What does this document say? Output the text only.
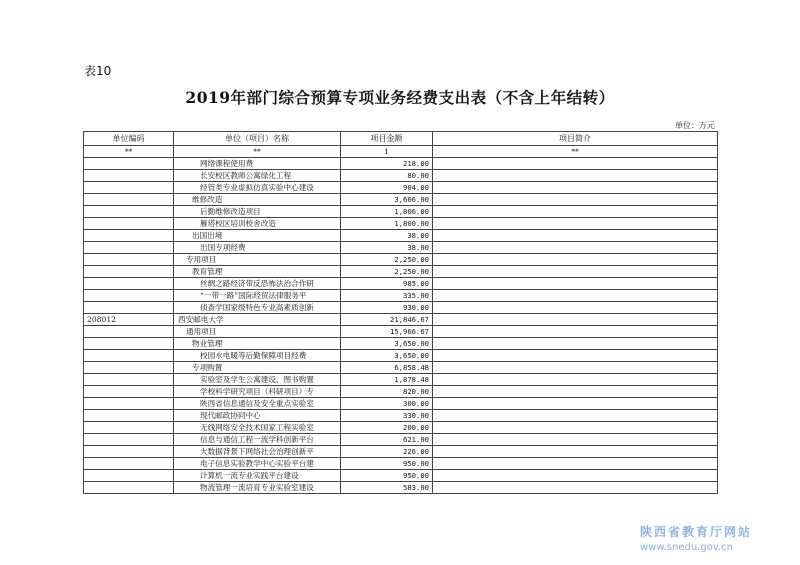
表10
2019年部门综合预算专项业务经费支出表（不含上年结转）
单位：万元
单位编码	单位（项目）名称	项目金额	项目简介
**	**	1	**
	网络课程使用费	218.00	
	长安校区教师公寓绿化工程	80.00	
	经管类专业虚拟仿真实验中心建设	904.00	
	维修改造	3,606.00	
	后勤维修改造项目	1,806.00	
	雁塔校区培训校舍改造	1,800.00	
	出国出境	38.00	
	出国专项经费	38.00	
	专用项目	2,250.00	
	教育管理	2,250.00	
	丝绸之路经济带反恐怖法治合作研	985.00	
	“一带一路”国际经贸法律服务平	335.00	
	侦查学国家级特色专业高素质创新	930.00	
208012	西安邮电大学	21,846.67	
	通用项目	15,966.67	
	物业管理	3,650.00	
	校园水电暖等后勤保障项目经费	3,650.00	
	专项购置	6,858.48	
	实验室及学生公寓建设、图书购置	1,878.48	
	学校科学研究项目（科研项目）专	820.00	
	陕西省信息通信及安全重点实验室	300.00	
	现代邮政协同中心	330.00	
	无线网络安全技术国家工程实验室	200.00	
	信息与通信工程一流学科创新平台	621.00	
	大数据背景下网络社会治理创新平	226.00	
	电子信息实验教学中心实验平台建	950.00	
	计算机一流专业实践平台建设	950.00	
	物流管理一流培育专业实验室建设	583.00	
陕西省教育厅网站
www.snedu.gov.cn
